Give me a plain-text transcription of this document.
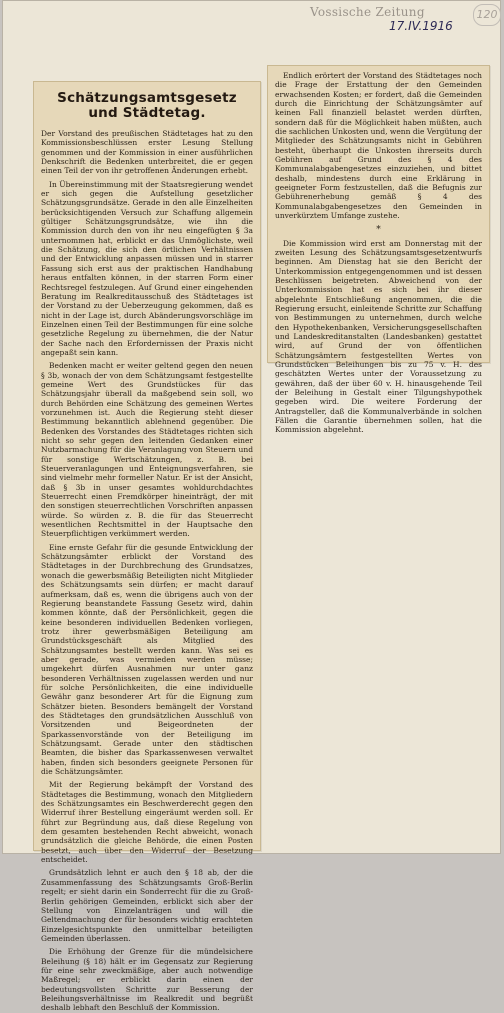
Vossische Zeitung
17.IV.1916
120
Schätzungsamtsgesetz und Städtetag.

Der Vorstand des preußischen Städtetages hat zu den Kommissionsbeschlüssen erster Lesung Stellung genommen und der Kommission in einer ausführlichen Denkschrift die Bedenken unterbreitet, die er gegen einen Teil der von ihr getroffenen Änderungen erhebt.

In Übereinstimmung mit der Staatsregierung wendet er sich gegen die Aufstellung gesetzlicher Schätzungsgrundsätze. Gerade in den alle Einzelheiten berücksichtigenden Versuch zur Schaffung allgemein gültiger Schätzungsgrundsätze, wie ihn die Kommission durch den von ihr neu eingefügten § 3a unternommen hat, erblickt er das Unmöglichste, weil die Schätzung, die sich den örtlichen Verhältnissen und der Entwicklung anpassen müssen und in starrer Fassung sich erst aus der praktischen Handhabung heraus entfalten können, in der starren Form einer Rechtsregel festzulegen. Auf Grund einer eingehenden Beratung im Realkreditausschuß des Städtetages ist der Vorstand zu der Ueberzeugung gekommen, daß es nicht in der Lage ist, durch Abänderungsvorschläge im Einzelnen einen Teil der Bestimmungen für eine solche gesetzliche Regelung zu übernehmen, die der Natur der Sache nach den Erfordernissen der Praxis nicht angepaßt sein kann.

Bedenken macht er weiter geltend gegen den neuen § 3b, wonach der von dem Schätzungsamt festgestellte gemeine Wert des Grundstückes für das Schätzungsjahr überall da maßgebend sein soll, wo durch Behörden eine Schätzung des gemeinen Wertes vorzunehmen ist. Auch die Regierung steht dieser Bestimmung bekanntlich ablehnend gegenüber. Die Bedenken des Vorstandes des Städtetages richten sich nicht so sehr gegen den leitenden Gedanken einer Nutzbarmachung für die Veranlagung von Steuern und für sonstige Wertschätzungen, z. B. bei Steuerveranlagungen und Enteignungsverfahren, sie sind vielmehr mehr formeller Natur. Er ist der Ansicht, daß § 3b in unser gesamtes wohldurchdachtes Steuerrecht einen Fremdkörper hineinträgt, der mit den sonstigen steuerrechtlichen Vorschriften anpassen würde. So würden z. B. die für das Steuerrecht wesentlichen Rechtsmittel in der Hauptsache den Steuerpflichtigen verkümmert werden.

Eine ernste Gefahr für die gesunde Entwicklung der Schätzungsämter erblickt der Vorstand des Städtetages in der Durchbrechung des Grundsatzes, wonach die gewerbsmäßig Beteiligten nicht Mitglieder des Schätzungsamts sein dürfen; er macht darauf aufmerksam, daß es, wenn die übrigens auch von der Regierung beanstandete Fassung Gesetz wird, dahin kommen könnte, daß der Persönlichkeit, gegen die keine besonderen individuellen Bedenken vorliegen, trotz ihrer gewerbsmäßigen Beteiligung am Grundstücksgeschäft als Mitglied des Schätzungsamtes bestellt werden kann. Was sei es aber gerade, was vermieden werden müsse; umgekehrt dürfen Ausnahmen nur unter ganz besonderen Verhältnissen zugelassen werden und nur für solche Persönlichkeiten, die eine individuelle Gewähr ganz besonderer Art für die Eignung zum Schätzer bieten. Besonders bemängelt der Vorstand des Städtetages den grundsätzlichen Ausschluß von Vorsitzenden und Beigeordneten der Sparkassenvorstände von der Beteiligung im Schätzungsamt. Gerade unter den städtischen Beamten, die bisher das Sparkassenwesen verwaltet haben, finden sich besonders geeignete Personen für die Schätzungsämter.

Mit der Regierung bekämpft der Vorstand des Städtetages die Bestimmung, wonach den Mitgliedern des Schätzungsamtes ein Beschwerderecht gegen den Widerruf ihrer Bestellung eingeräumt werden soll. Er führt zur Begründung aus, daß diese Regelung von dem gesamten bestehenden Recht abweicht, wonach grundsätzlich die gleiche Behörde, die einen Posten besetzt, auch über den Widerruf der Besetzung entscheidet.

Grundsätzlich lehnt er auch den § 18 ab, der die Zusammenfassung des Schätzungsamts Groß-Berlin regelt; er sieht darin ein Sonderrecht für die zu Groß-Berlin gehörigen Gemeinden, erblickt sich aber der Stellung von Einzelanträgen und will die Geltendmachung der für besonders wichtig erachteten Einzelgesichtspunkte den unmittelbar beteiligten Gemeinden überlassen.

Die Erhöhung der Grenze für die mündelsichere Beleihung (§ 18) hält er im Gegensatz zur Regierung für eine sehr zweckmäßige, aber auch notwendige Maßregel; er erblickt darin einen der bedeutungsvollsten Schritte zur Besserung der Beleihungsverhältnisse im Realkredit und begrüßt deshalb lebhaft den Beschluß der Kommission.

Endlich erörtert der Vorstand des Städtetages noch die Frage der Erstattung der den Gemeinden erwachsenden Kosten; er fordert, daß die Gemeinden durch die Einrichtung der Schätzungsämter auf keinen Fall finanziell belastet werden dürften, sondern daß für die Möglichkeit haben müßten, auch die sachlichen Unkosten und, wenn die Vergütung der Mitglieder des Schätzungsamts nicht in Gebühren besteht, überhaupt die Unkosten ihrerseits durch Gebühren auf Grund des § 4 des Kommunalabgabengesetzes einzuziehen, und bittet deshalb, mindestens durch eine Erklärung in geeigneter Form festzustellen, daß die Befugnis zur Gebührenerhebung gemäß § 4 des Kommunalabgabengesetzes den Gemeinden in unverkürztem Umfange zustehe.

*

Die Kommission wird erst am Donnerstag mit der zweiten Lesung des Schätzungsamtsgesetzentwurfs beginnen. Am Dienstag hat sie den Bericht der Unterkommission entgegengenommen und ist dessen Beschlüssen beigetreten. Abweichend von der Unterkommission hat es sich bei ihr dieser abgelehnte Entschließung angenommen, die die Regierung ersucht, einleitende Schritte zur Schaffung von Bestimmungen zu unternehmen, durch welche den Hypothekenbanken, Versicherungsgesellschaften und Landeskreditanstalten (Landesbanken) gestattet wird, auf Grund der von öffentlichen Schätzungsämtern festgestellten Wertes von Grundstücken Beleihungen bis zu 75 v. H. des geschätzten Wertes unter der Voraussetzung zu gewähren, daß der über 60 v. H. hinausgehende Teil der Beleihung in Gestalt einer Tilgungshypothek gegeben wird. Die weitere Forderung der Antragsteller, daß die Kommunalverbände in solchen Fällen die Garantie übernehmen sollen, hat die Kommission abgelehnt.
